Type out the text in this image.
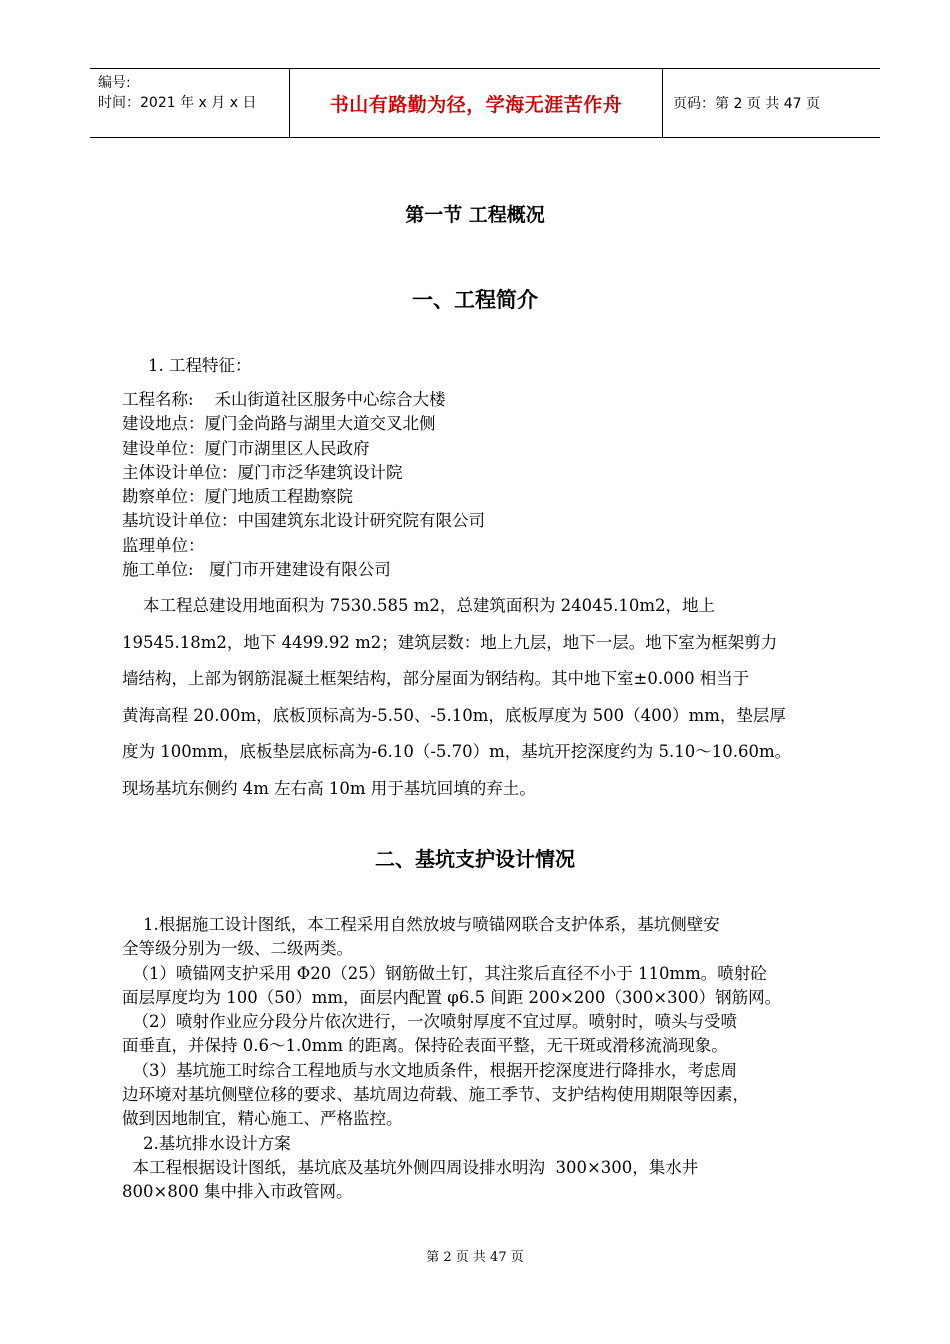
编号:
时间：2021 年 x 月 x 日	书山有路勤为径，学海无涯苦作舟	页码：第 2 页 共 47 页
第一节 工程概况
一、工程简介
1. 工程特征：
工程名称:    禾山街道社区服务中心综合大楼
建设地点：厦门金尚路与湖里大道交叉北侧
建设单位：厦门市湖里区人民政府
主体设计单位：厦门市泛华建筑设计院
勘察单位：厦门地质工程勘察院
基坑设计单位：中国建筑东北设计研究院有限公司
监理单位：
施工单位:   厦门市开建建设有限公司
本工程总建设用地面积为 7530.585 m2，总建筑面积为 24045.10m2，地上
19545.18m2，地下 4499.92 m2；建筑层数：地上九层，地下一层。地下室为框架剪力
墙结构，上部为钢筋混凝土框架结构，部分屋面为钢结构。其中地下室±0.000 相当于
黄海高程 20.00m，底板顶标高为-5.50、-5.10m，底板厚度为 500（400）mm，垫层厚
度为 100mm，底板垫层底标高为-6.10（-5.70）m，基坑开挖深度约为 5.10～10.60m。
现场基坑东侧约 4m 左右高 10m 用于基坑回填的弃土。
二、基坑支护设计情况
1.根据施工设计图纸，本工程采用自然放坡与喷锚网联合支护体系，基坑侧壁安
全等级分别为一级、二级两类。
（1）喷锚网支护采用 Φ20（25）钢筋做土钉，其注浆后直径不小于 110mm。喷射砼
面层厚度均为 100（50）mm，面层内配置 φ6.5 间距 200×200（300×300）钢筋网。
（2）喷射作业应分段分片依次进行，一次喷射厚度不宜过厚。喷射时，喷头与受喷
面垂直，并保持 0.6～1.0mm 的距离。保持砼表面平整，无干斑或滑移流淌现象。
（3）基坑施工时综合工程地质与水文地质条件，根据开挖深度进行降排水，考虑周
边环境对基坑侧壁位移的要求、基坑周边荷载、施工季节、支护结构使用期限等因素，
做到因地制宜，精心施工、严格监控。
2.基坑排水设计方案
本工程根据设计图纸，基坑底及基坑外侧四周设排水明沟  300×300，集水井
800×800 集中排入市政管网。
第 2 页 共 47 页
